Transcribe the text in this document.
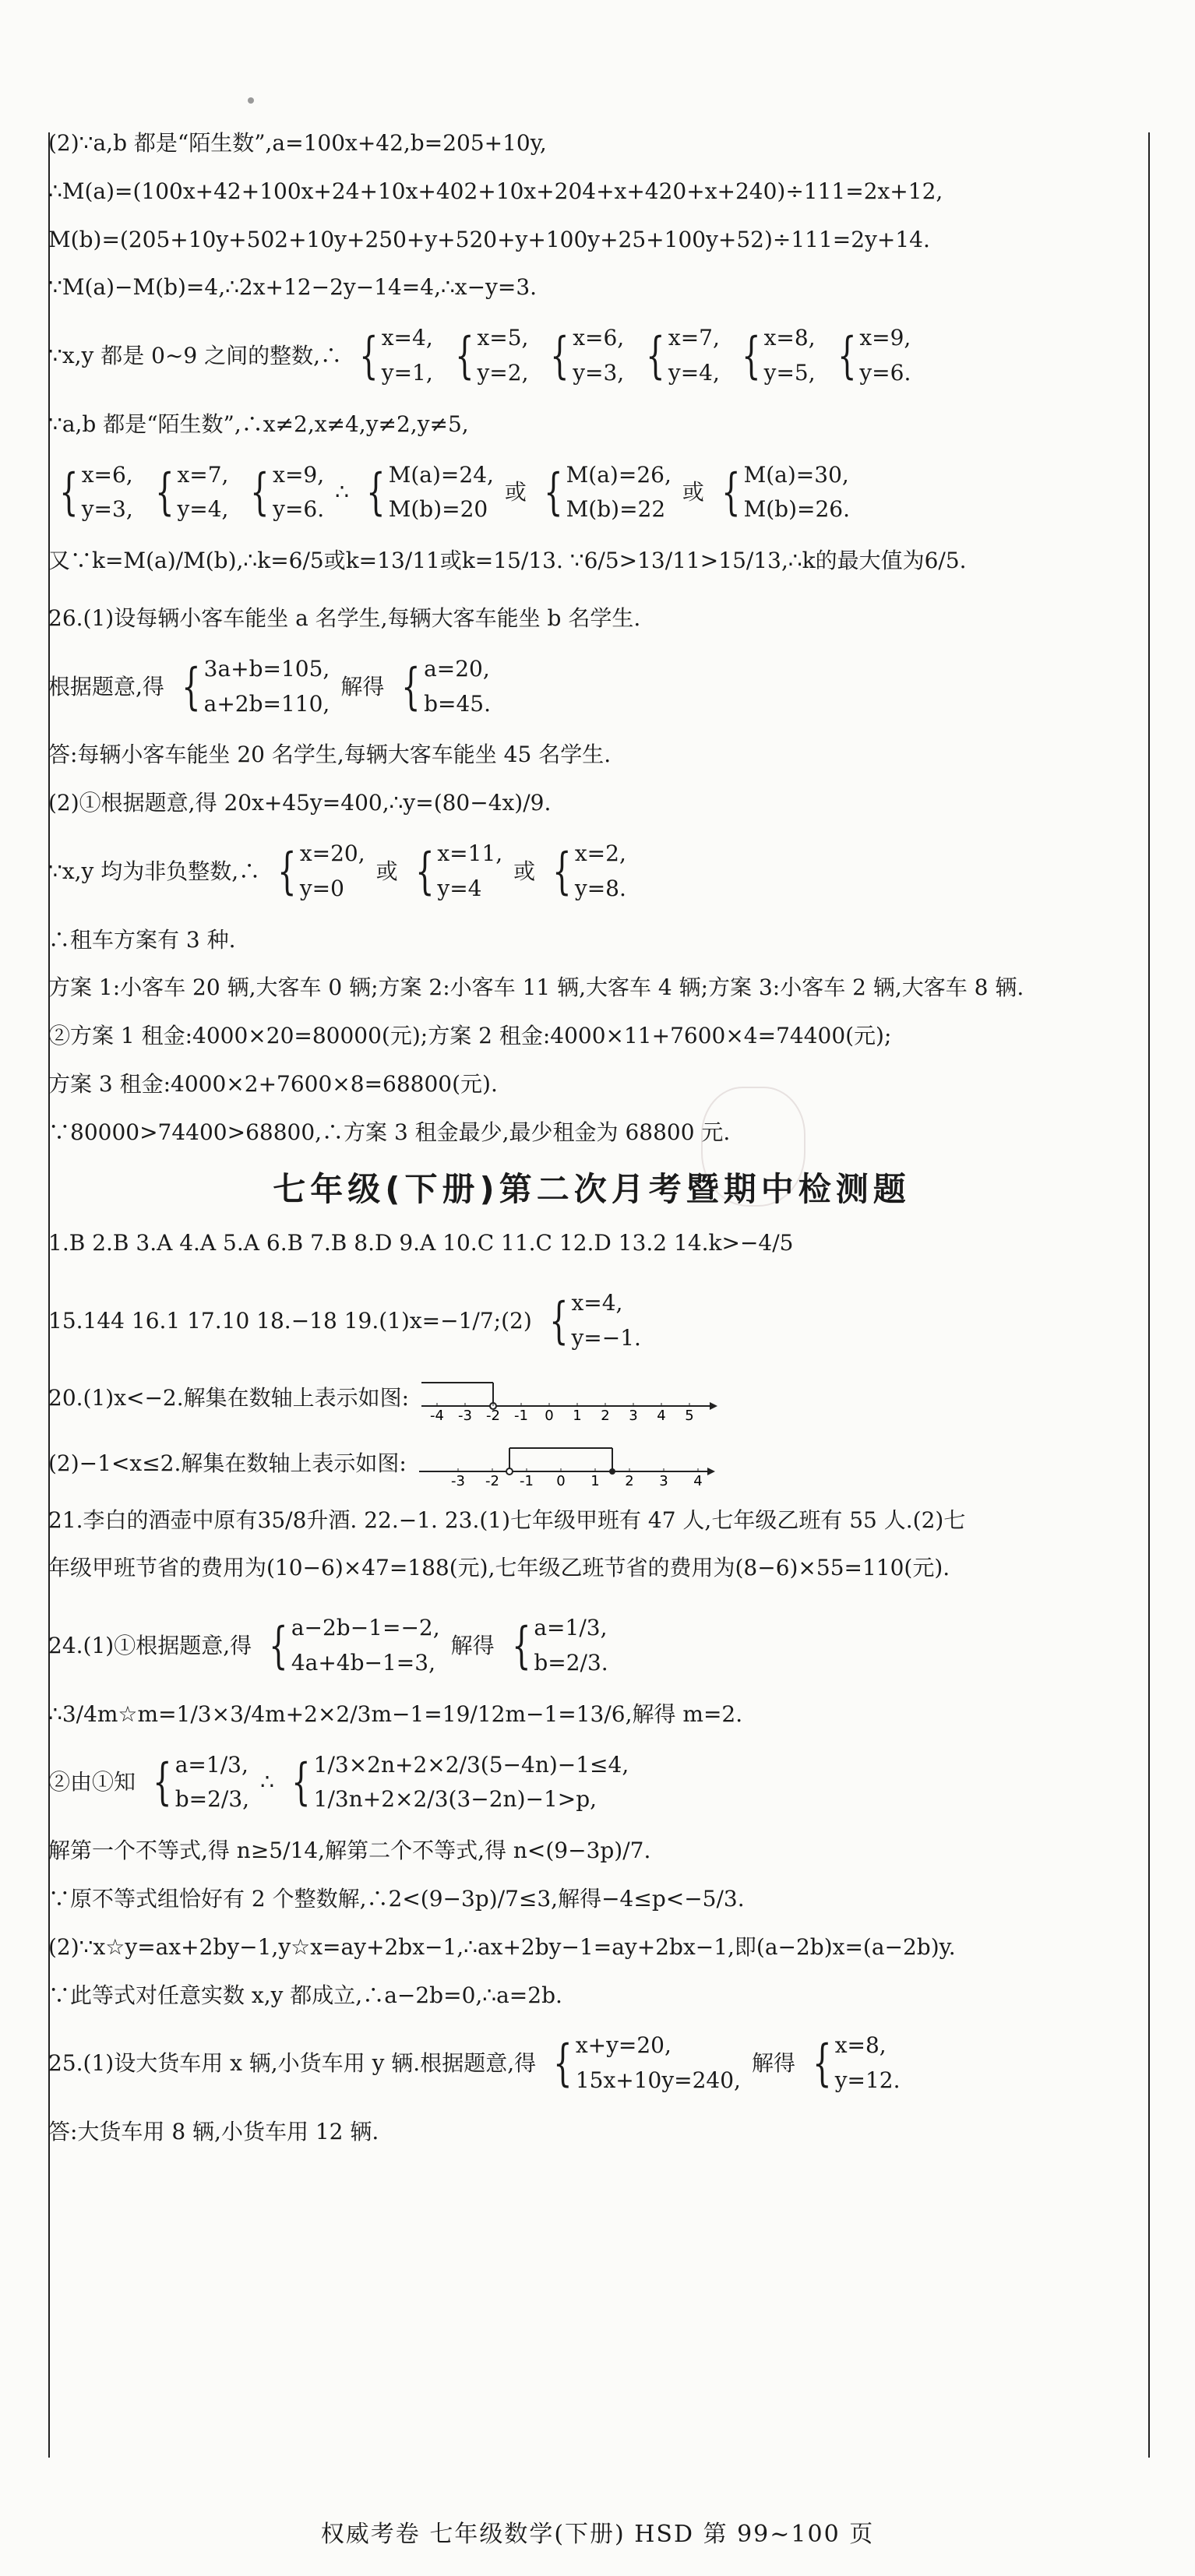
(2)∵a,b 都是“陌生数”,a=100x+42,b=205+10y,

∴M(a)=(100x+42+100x+24+10x+402+10x+204+x+420+x+240)÷111=2x+12,

M(b)=(205+10y+502+10y+250+y+520+y+100y+25+100y+52)÷111=2y+14.

∵M(a)−M(b)=4,∴2x+12−2y−14=4,∴x−y=3.

∵x,y 都是 0~9 之间的整数,∴ { x=4,
y=1, { x=5,
y=2, { x=6,
y=3, { x=7,
y=4, { x=8,
y=5, { x=9,
y=6.

∵a,b 都是“陌生数”,∴x≠2,x≠4,y≠2,y≠5,

{ x=6,
y=3, { x=7,
y=4, { x=9,
y=6.
∴ { M(a)=24,
M(b)=20
或 { M(a)=26,
M(b)=22
或 { M(a)=30,
M(b)=26.

又∵k=M(a)/M(b),∴k=6/5或k=13/11或k=15/13. ∵6/5>13/11>15/13,∴k的最大值为6/5.

26.(1)设每辆小客车能坐 a 名学生,每辆大客车能坐 b 名学生.

根据题意,得 { 3a+b=105,
a+2b=110,
解得 { a=20,
b=45.

答:每辆小客车能坐 20 名学生,每辆大客车能坐 45 名学生.

(2)①根据题意,得 20x+45y=400,∴y=(80−4x)/9.

∵x,y 均为非负整数,∴ { x=20,
y=0
或 { x=11,
y=4
或 { x=2,
y=8.

∴租车方案有 3 种.

方案 1:小客车 20 辆,大客车 0 辆;方案 2:小客车 11 辆,大客车 4 辆;方案 3:小客车 2 辆,大客车 8 辆.

②方案 1 租金:4000×20=80000(元);方案 2 租金:4000×11+7600×4=74400(元);

方案 3 租金:4000×2+7600×8=68800(元).

∵80000>74400>68800,∴方案 3 租金最少,最少租金为 68800 元.

七年级(下册)第二次月考暨期中检测题

1.B 2.B 3.A 4.A 5.A 6.B 7.B 8.D 9.A 10.C 11.C 12.D 13.2 14.k>−4/5

15.144 16.1 17.10 18.−18 19.(1)x=−1/7;(2) { x=4,
y=−1.
20.(1)x<−2.解集在数轴上表示如图:
-4 -3 -2 -1 0 1 2 3 4 5
(2)−1<x≤2.解集在数轴上表示如图:
-3 -2 -1 0 1 2 3 4

21.李白的酒壶中原有35/8升酒. 22.−1. 23.(1)七年级甲班有 47 人,七年级乙班有 55 人.(2)七

年级甲班节省的费用为(10−6)×47=188(元),七年级乙班节省的费用为(8−6)×55=110(元).

24.(1)①根据题意,得 { a−2b−1=−2,
4a+4b−1=3,
解得 { a=1/3,
b=2/3.

∴3/4m☆m=1/3×3/4m+2×2/3m−1=19/12m−1=13/6,解得 m=2.

②由①知 { a=1/3,
b=2/3,
∴ { 1/3×2n+2×2/3(5−4n)−1≤4,
1/3n+2×2/3(3−2n)−1>p,

解第一个不等式,得 n≥5/14,解第二个不等式,得 n<(9−3p)/7.

∵原不等式组恰好有 2 个整数解,∴2<(9−3p)/7≤3,解得−4≤p<−5/3.

(2)∵x☆y=ax+2by−1,y☆x=ay+2bx−1,∴ax+2by−1=ay+2bx−1,即(a−2b)x=(a−2b)y.

∵此等式对任意实数 x,y 都成立,∴a−2b=0,∴a=2b.

25.(1)设大货车用 x 辆,小货车用 y 辆.根据题意,得 { x+y=20,
15x+10y=240,
解得 { x=8,
y=12.

答:大货车用 8 辆,小货车用 12 辆.

权威考卷 七年级数学(下册) HSD 第 99~100 页
